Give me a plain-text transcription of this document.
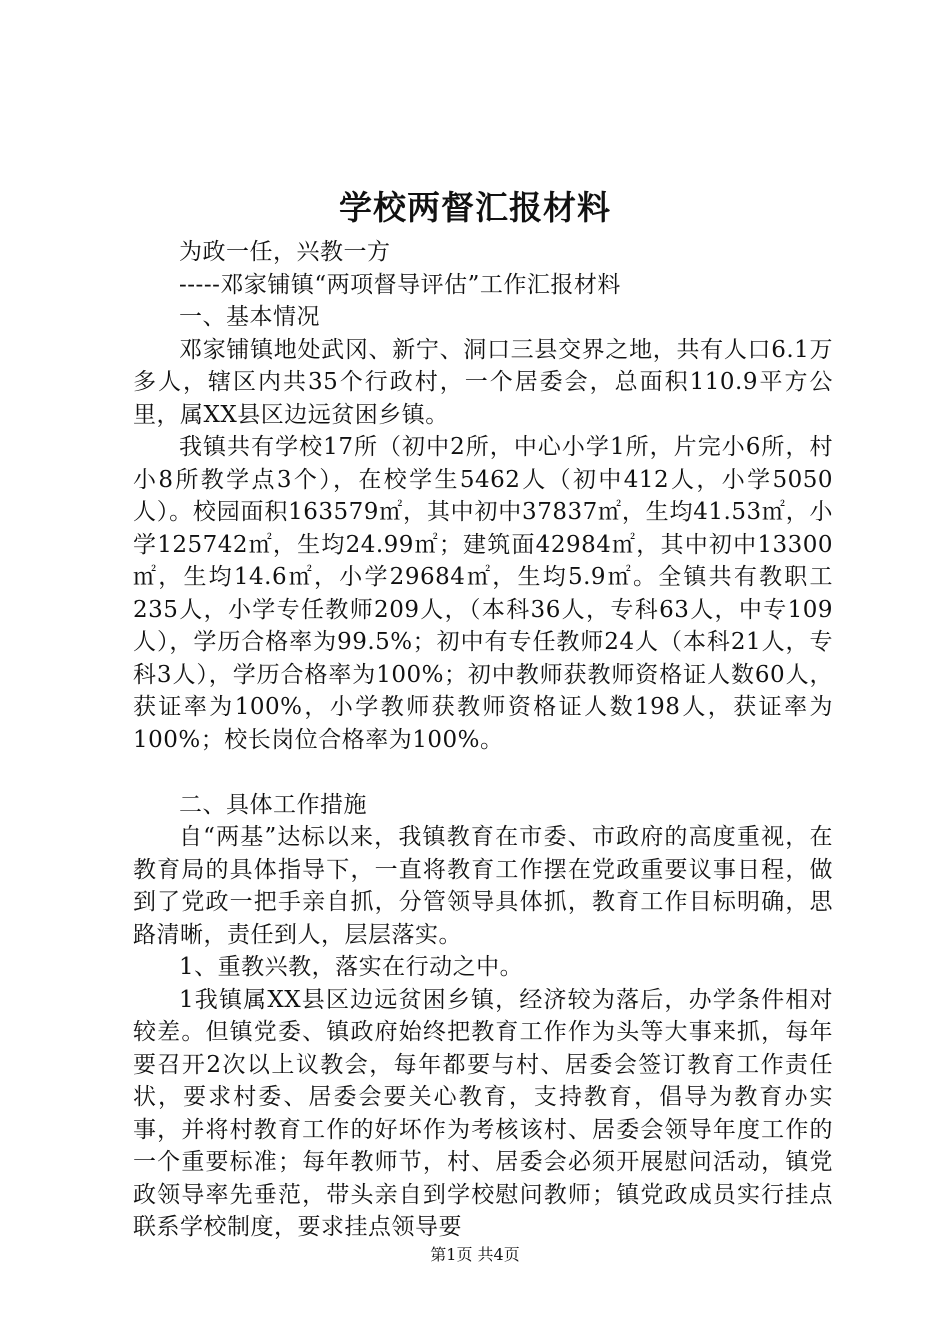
学校两督汇报材料

为政一任，兴教一方

-----邓家铺镇“两项督导评估”工作汇报材料

一、基本情况

邓家铺镇地处武冈、新宁、洞口三县交界之地，共有人口6.1万多人，辖区内共35个行政村，一个居委会，总面积110.9平方公里，属XX县区边远贫困乡镇。

我镇共有学校17所（初中2所，中心小学1所，片完小6所，村小8所教学点3个），在校学生5462人（初中412人，小学5050人）。校园面积163579㎡，其中初中37837㎡，生均41.53㎡，小学125742㎡，生均24.99㎡；建筑面42984㎡，其中初中13300㎡，生均14.6㎡，小学29684㎡，生均5.9㎡。全镇共有教职工235人，小学专任教师209人，（本科36人，专科63人，中专109人），学历合格率为99.5%；初中有专任教师24人（本科21人，专科3人），学历合格率为100%；初中教师获教师资格证人数60人，获证率为100%，小学教师获教师资格证人数198人，获证率为100%；校长岗位合格率为100%。

二、具体工作措施

自“两基”达标以来，我镇教育在市委、市政府的高度重视，在教育局的具体指导下，一直将教育工作摆在党政重要议事日程，做到了党政一把手亲自抓，分管领导具体抓，教育工作目标明确，思路清晰，责任到人，层层落实。

1、重教兴教，落实在行动之中。

1我镇属XX县区边远贫困乡镇，经济较为落后，办学条件相对较差。但镇党委、镇政府始终把教育工作作为头等大事来抓，每年要召开2次以上议教会，每年都要与村、居委会签订教育工作责任状，要求村委、居委会要关心教育，支持教育，倡导为教育办实事，并将村教育工作的好坏作为考核该村、居委会领导年度工作的一个重要标准；每年教师节，村、居委会必须开展慰问活动，镇党政领导率先垂范，带头亲自到学校慰问教师；镇党政成员实行挂点联系学校制度，要求挂点领导要

第1页 共4页
